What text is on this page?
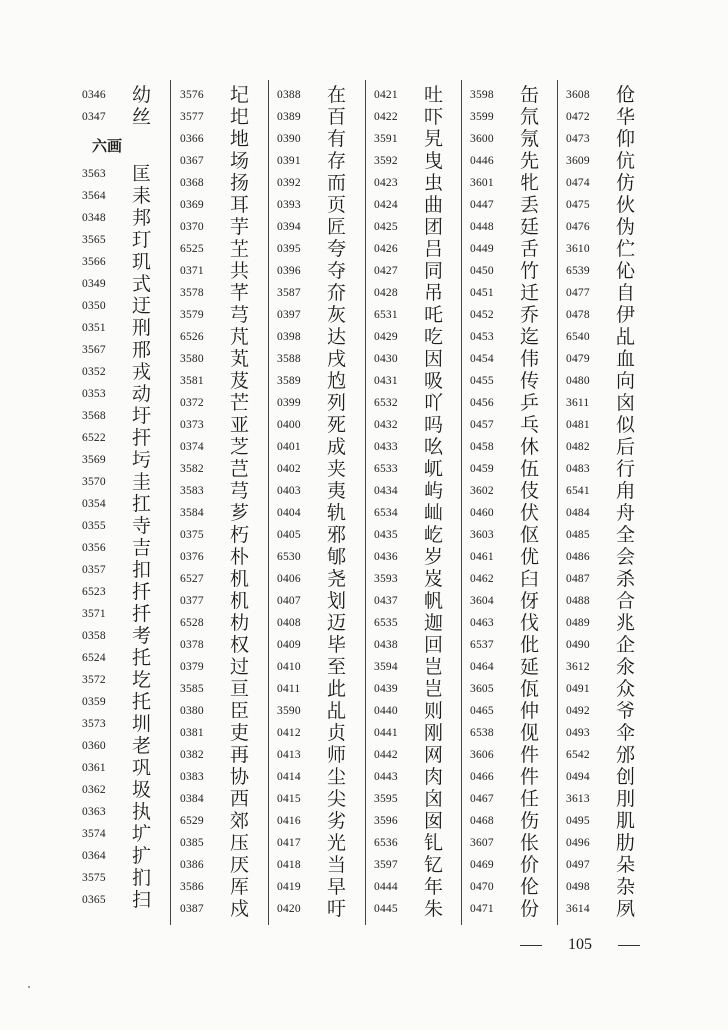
0346	幼
0347	丝
六画
3563	匡
3564	耒
0348	邦
3565	玎
3566	玑
0349	式
0350	迂
0351	刑
3567	邢
0352	戎
0353	动
3568	圩
6522	扞
3569	圬
3570	圭
0354	扛
0355	寺
0356	吉
0357	扣
6523	扦
3571	扦
0358	考
6524	托
3572	圪
0359	托
3573	圳
0360	老
0361	巩
0362	圾
0363	执
3574	圹
0364	扩
3575	扪
0365	扫
3576	圮
3577	圯
0366	地
0367	场
0368	扬
0369	耳
0370	芋
6525	芏
0371	共
3578	芊
3579	芎
6526	芃
3580	芄
3581	芨
0372	芒
0373	亚
0374	芝
3582	芑
3583	芎
3584	芗
0375	朽
0376	朴
6527	机
0377	机
6528	朸
0378	权
0379	过
3585	亘
0380	臣
0381	吏
0382	再
0383	协
0384	西
6529	郊
0385	压
0386	厌
3586	厍
0387	戍
0388	在
0389	百
0390	有
0391	存
0392	而
0393	页
0394	匠
0395	夸
0396	夺
3587	夼
0397	灰
0398	达
3588	戌
3589	尥
0399	列
0400	死
0401	成
0402	夹
0403	夷
0404	轨
0405	邪
6530	郇
0406	尧
0407	划
0408	迈
0409	毕
0410	至
0411	此
3590	乩
0412	贞
0413	师
0414	尘
0415	尖
0416	劣
0417	光
0418	当
0419	早
0420	吁
0421	吐
0422	吓
3591	旯
3592	曳
0423	虫
0424	曲
0425	团
0426	吕
0427	同
0428	吊
6531	吒
0429	吃
0430	因
0431	吸
6532	吖
0432	吗
0433	吆
6533	屼
0434	屿
6534	屾
0435	屹
0436	岁
3593	岌
0437	帆
6535	迦
0438	回
3594	岂
0439	岂
0440	则
0441	刚
0442	网
0443	肉
3595	囟
3596	囡
6536	钆
3597	钇
0444	年
0445	朱
3598	缶
3599	氘
3600	氖
0446	先
3601	牝
0447	丢
0448	廷
0449	舌
0450	竹
0451	迁
0452	乔
0453	迄
0454	伟
0455	传
0456	乒
0457	乓
0458	休
0459	伍
3602	伎
0460	伏
3603	伛
0461	优
0462	臼
3604	伢
0463	伐
6537	仳
0464	延
3605	佤
0465	仲
6538	伣
3606	件
0466	件
0467	任
0468	伤
3607	伥
0469	价
0470	伦
0471	份
3608	伧
0472	华
0473	仰
3609	伉
0474	仿
0475	伙
0476	伪
3610	伫
6539	伈
0477	自
0478	伊
6540	乩
0479	血
0480	向
3611	囟
0481	似
0482	后
0483	行
6541	甪
0484	舟
0485	全
0486	会
0487	杀
0488	合
0489	兆
0490	企
3612	氽
0491	众
0492	爷
0493	伞
6542	邠
0494	创
3613	刖
0495	肌
0496	肋
0497	朵
0498	杂
3614	夙
105
